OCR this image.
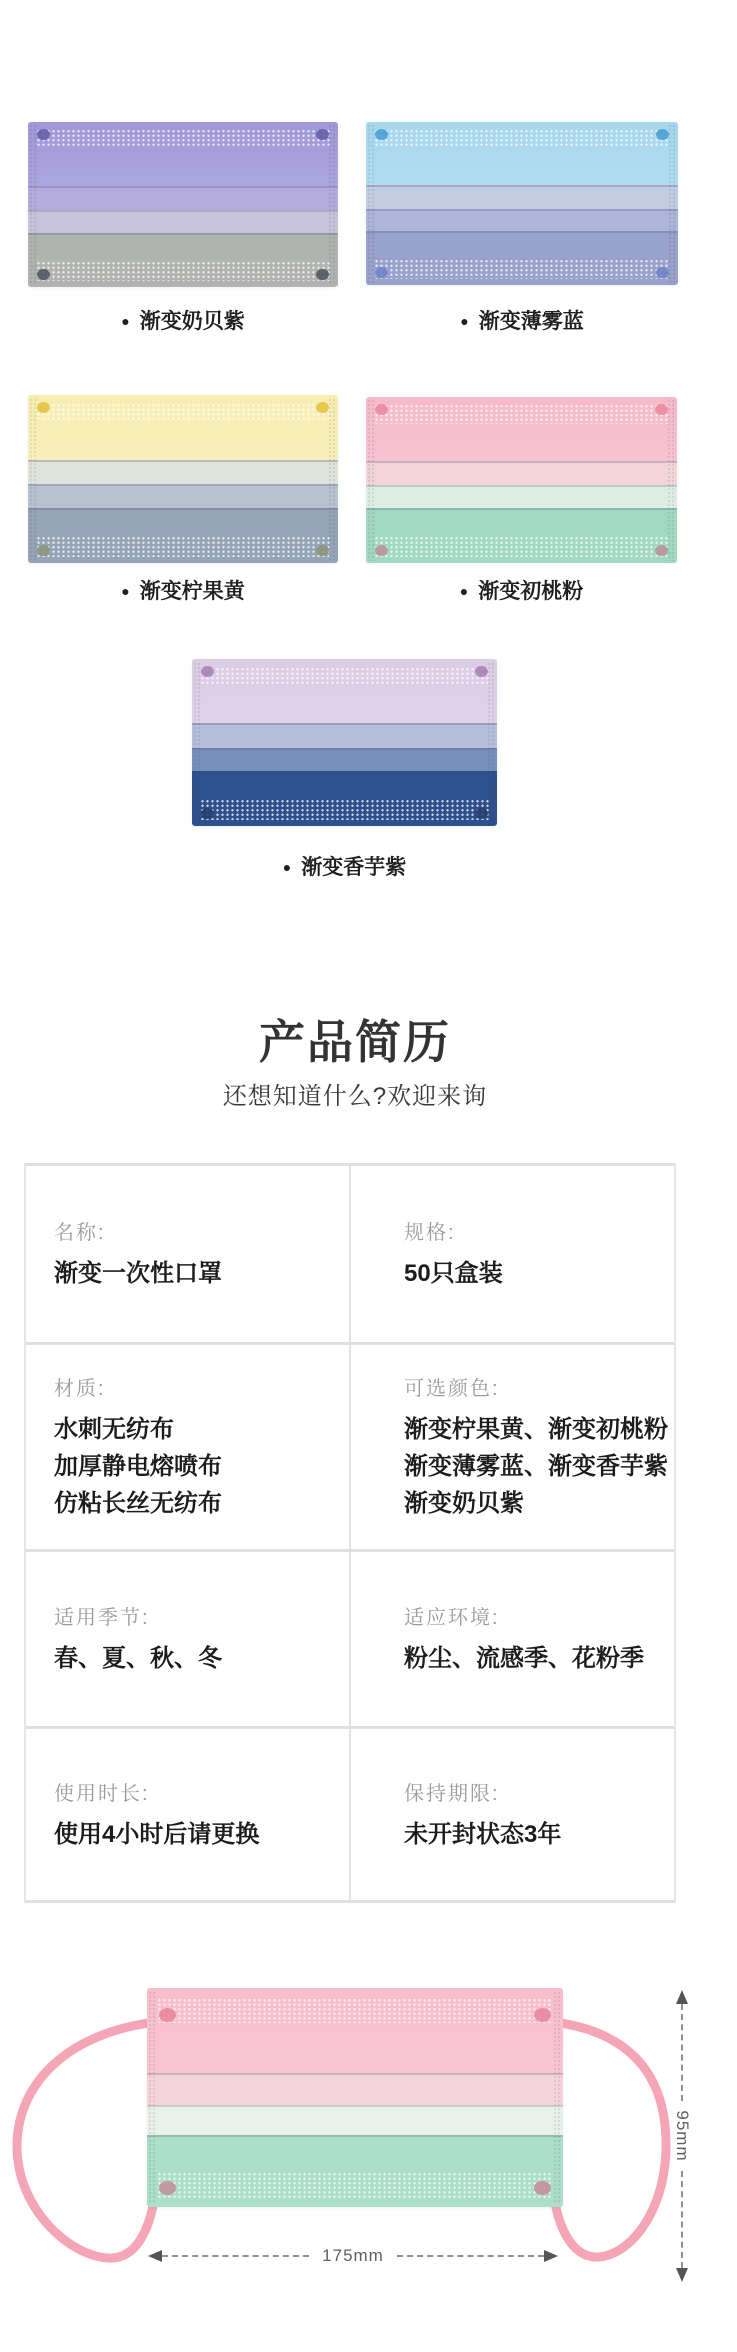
● 渐变奶贝紫	● 渐变薄雾蓝
● 渐变柠果黄	● 渐变初桃粉
● 渐变香芋紫
产品简历
还想知道什么?欢迎来询
名称:
渐变一次性口罩
规格:
50只盒装
材质:
水刺无纺布
加厚静电熔喷布
仿粘长丝无纺布
可选颜色:
渐变柠果黄、渐变初桃粉
渐变薄雾蓝、渐变香芋紫
渐变奶贝紫
适用季节:
春、夏、秋、冬
适应环境:
粉尘、流感季、花粉季
使用时长:
使用4小时后请更换
保持期限:
未开封状态3年
175mm
95mm
